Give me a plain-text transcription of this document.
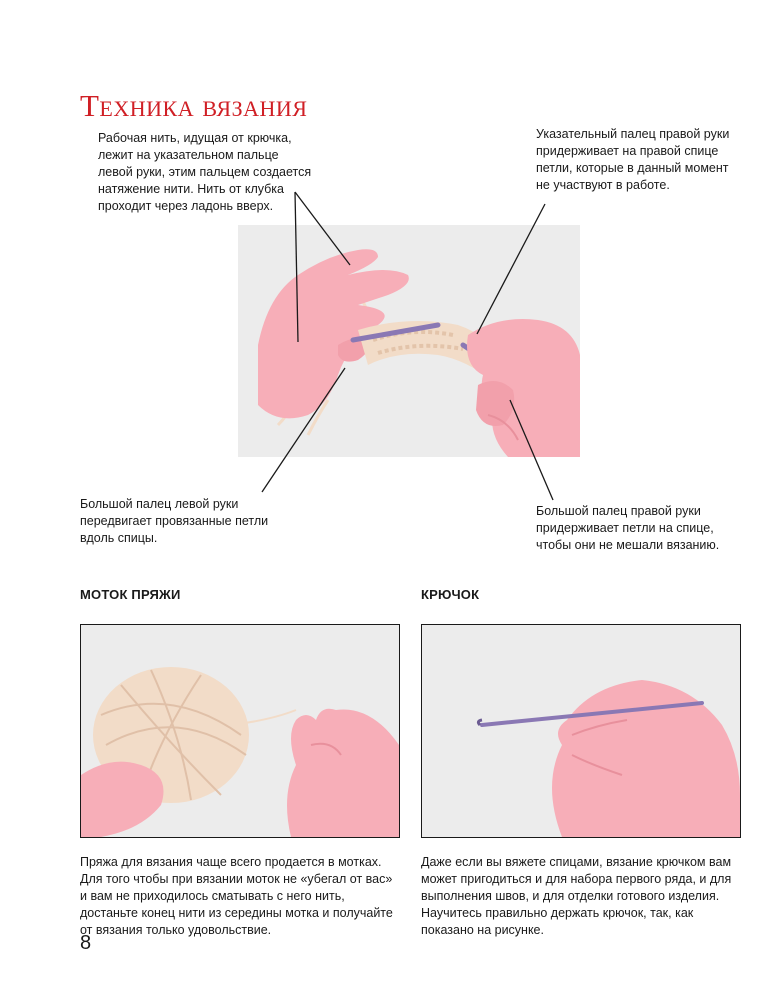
Техника вязания

Рабочая нить, идущая от крючка, лежит на указательном пальце левой руки, этим пальцем создается натяжение нити. Нить от клубка проходит через ладонь вверх.

Указательный палец правой руки придерживает на правой спице петли, которые в данный момент не участвуют в работе.

Большой палец левой руки передвигает провязанные петли вдоль спицы.

Большой палец правой руки придерживает петли на спице, чтобы они не мешали вязанию.

МОТОК ПРЯЖИ

Пряжа для вязания чаще всего продается в мотках. Для того чтобы при вязании моток не «убегал от вас» и вам не приходилось сматывать с него нить, достаньте конец нити из середины мотка и получайте от вязания только удовольствие.

КРЮЧОК

Даже если вы вяжете спицами, вязание крючком вам может пригодиться и для набора первого ряда, и для выполнения швов, и для отделки готового изделия. Научитесь правильно держать крючок, так, как показано на рисунке.

8
